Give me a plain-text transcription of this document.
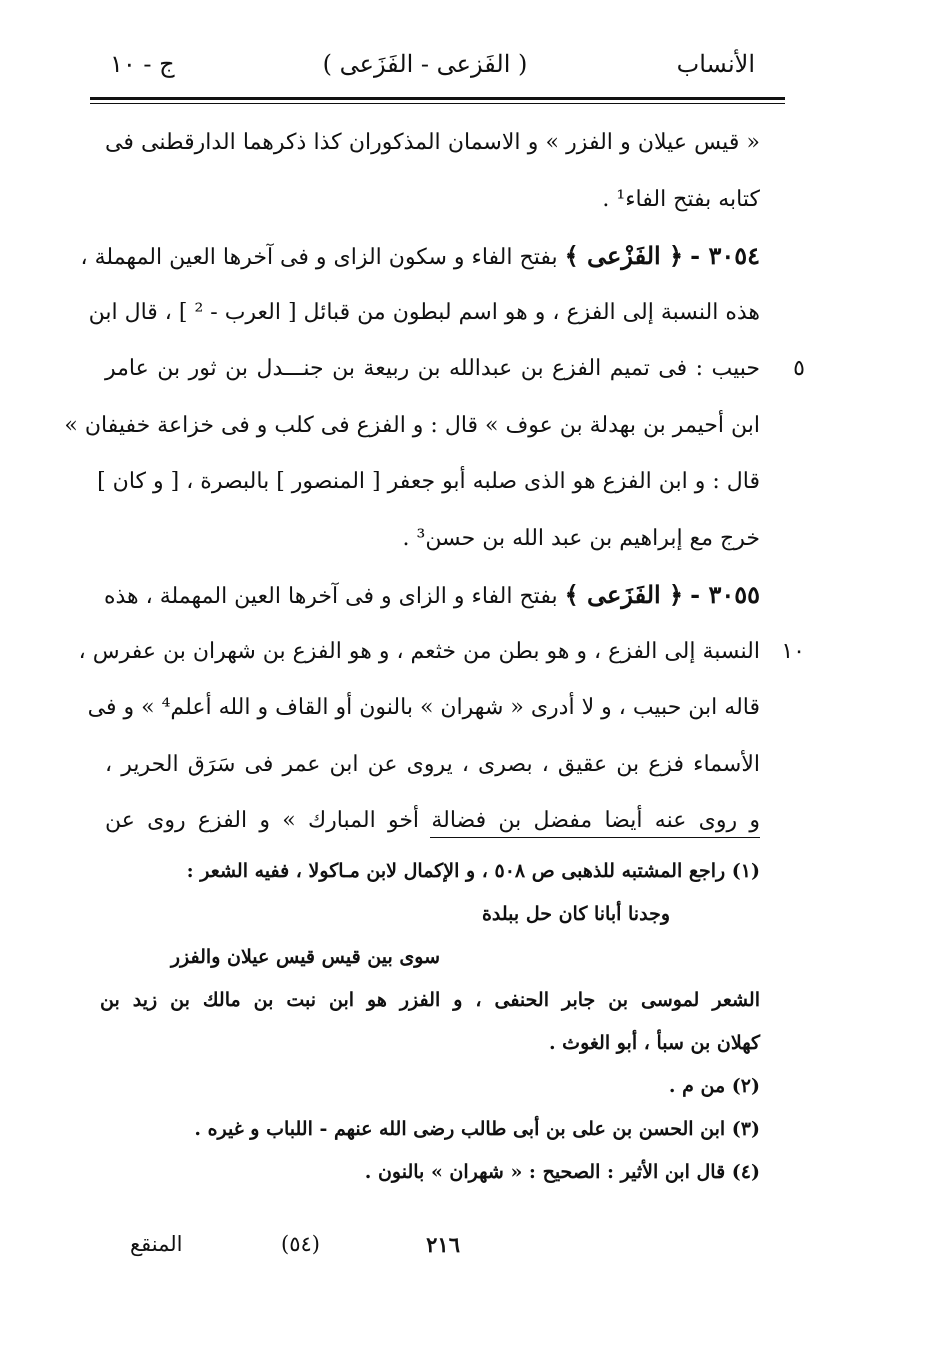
الأنساب
( الفَزعى - الفَزَعى )
ج - ١٠
« قيس عيلان و الفزر » و الاسمان المذكوران كذا ذكرهما الدارقطنى فى
كتابه بفتح الفاء¹ .
٣٠٥٤ - ﴿ الفَزْعى ﴾ بفتح الفاء و سكون الزاى و فى آخرها العين المهملة ،
هذه النسبة إلى الفزع ، و هو اسم لبطون من قبائل [ العرب - ² ] ، قال ابن
٥
حبيب : فى تميم الفزع بن عبدالله بن ربيعة بن جنـــدل بن ثور بن عامر
ابن أحيمر بن بهدلة بن عوف » قال : و الفزع فى كلب و فى خزاعة خفيفان »
قال : و ابن الفزع هو الذى صلبه أبو جعفر [ المنصور ] بالبصرة ، [ و كان ]
خرج مع إبراهيم بن عبد الله بن حسن³ .
٣٠٥٥ - ﴿ الفَزَعى ﴾ بفتح الفاء و الزاى و فى آخرها العين المهملة ، هذه
١٠
النسبة إلى الفزع ، و هو بطن من خثعم ، و هو الفزع بن شهران بن عفرس ،
قاله ابن حبيب ، و لا أدرى « شهران » بالنون أو القاف و الله أعلم⁴ » و فى
الأسماء فزع بن عقيق ، بصرى ، يروى عن ابن عمر فى سَرَق الحرير ،
و روى عنه أيضا مفضل بن فضالة أخو المبارك » و الفزع روى عن
(١) راجع المشتبه للذهبى ص ٥٠٨ ، و الإكمال لابن مـاكولا ، ففيه الشعر :
وجدنا أبانا كان حل ببلدة
سوى بين قيس قيس عيلان والفزر
الشعر لموسى بن جابر الحنفى ، و الفزر هو ابن نبت بن مالك بن زيد بن
كهلان بن سبأ ، أبو الغوث .
(٢) من م .
(٣) ابن الحسن بن على بن أبى طالب رضى الله عنهم - اللباب و غيره .
(٤) قال ابن الأثير : الصحيح : « شهران » بالنون .
٢١٦
(٥٤)
المنقع
